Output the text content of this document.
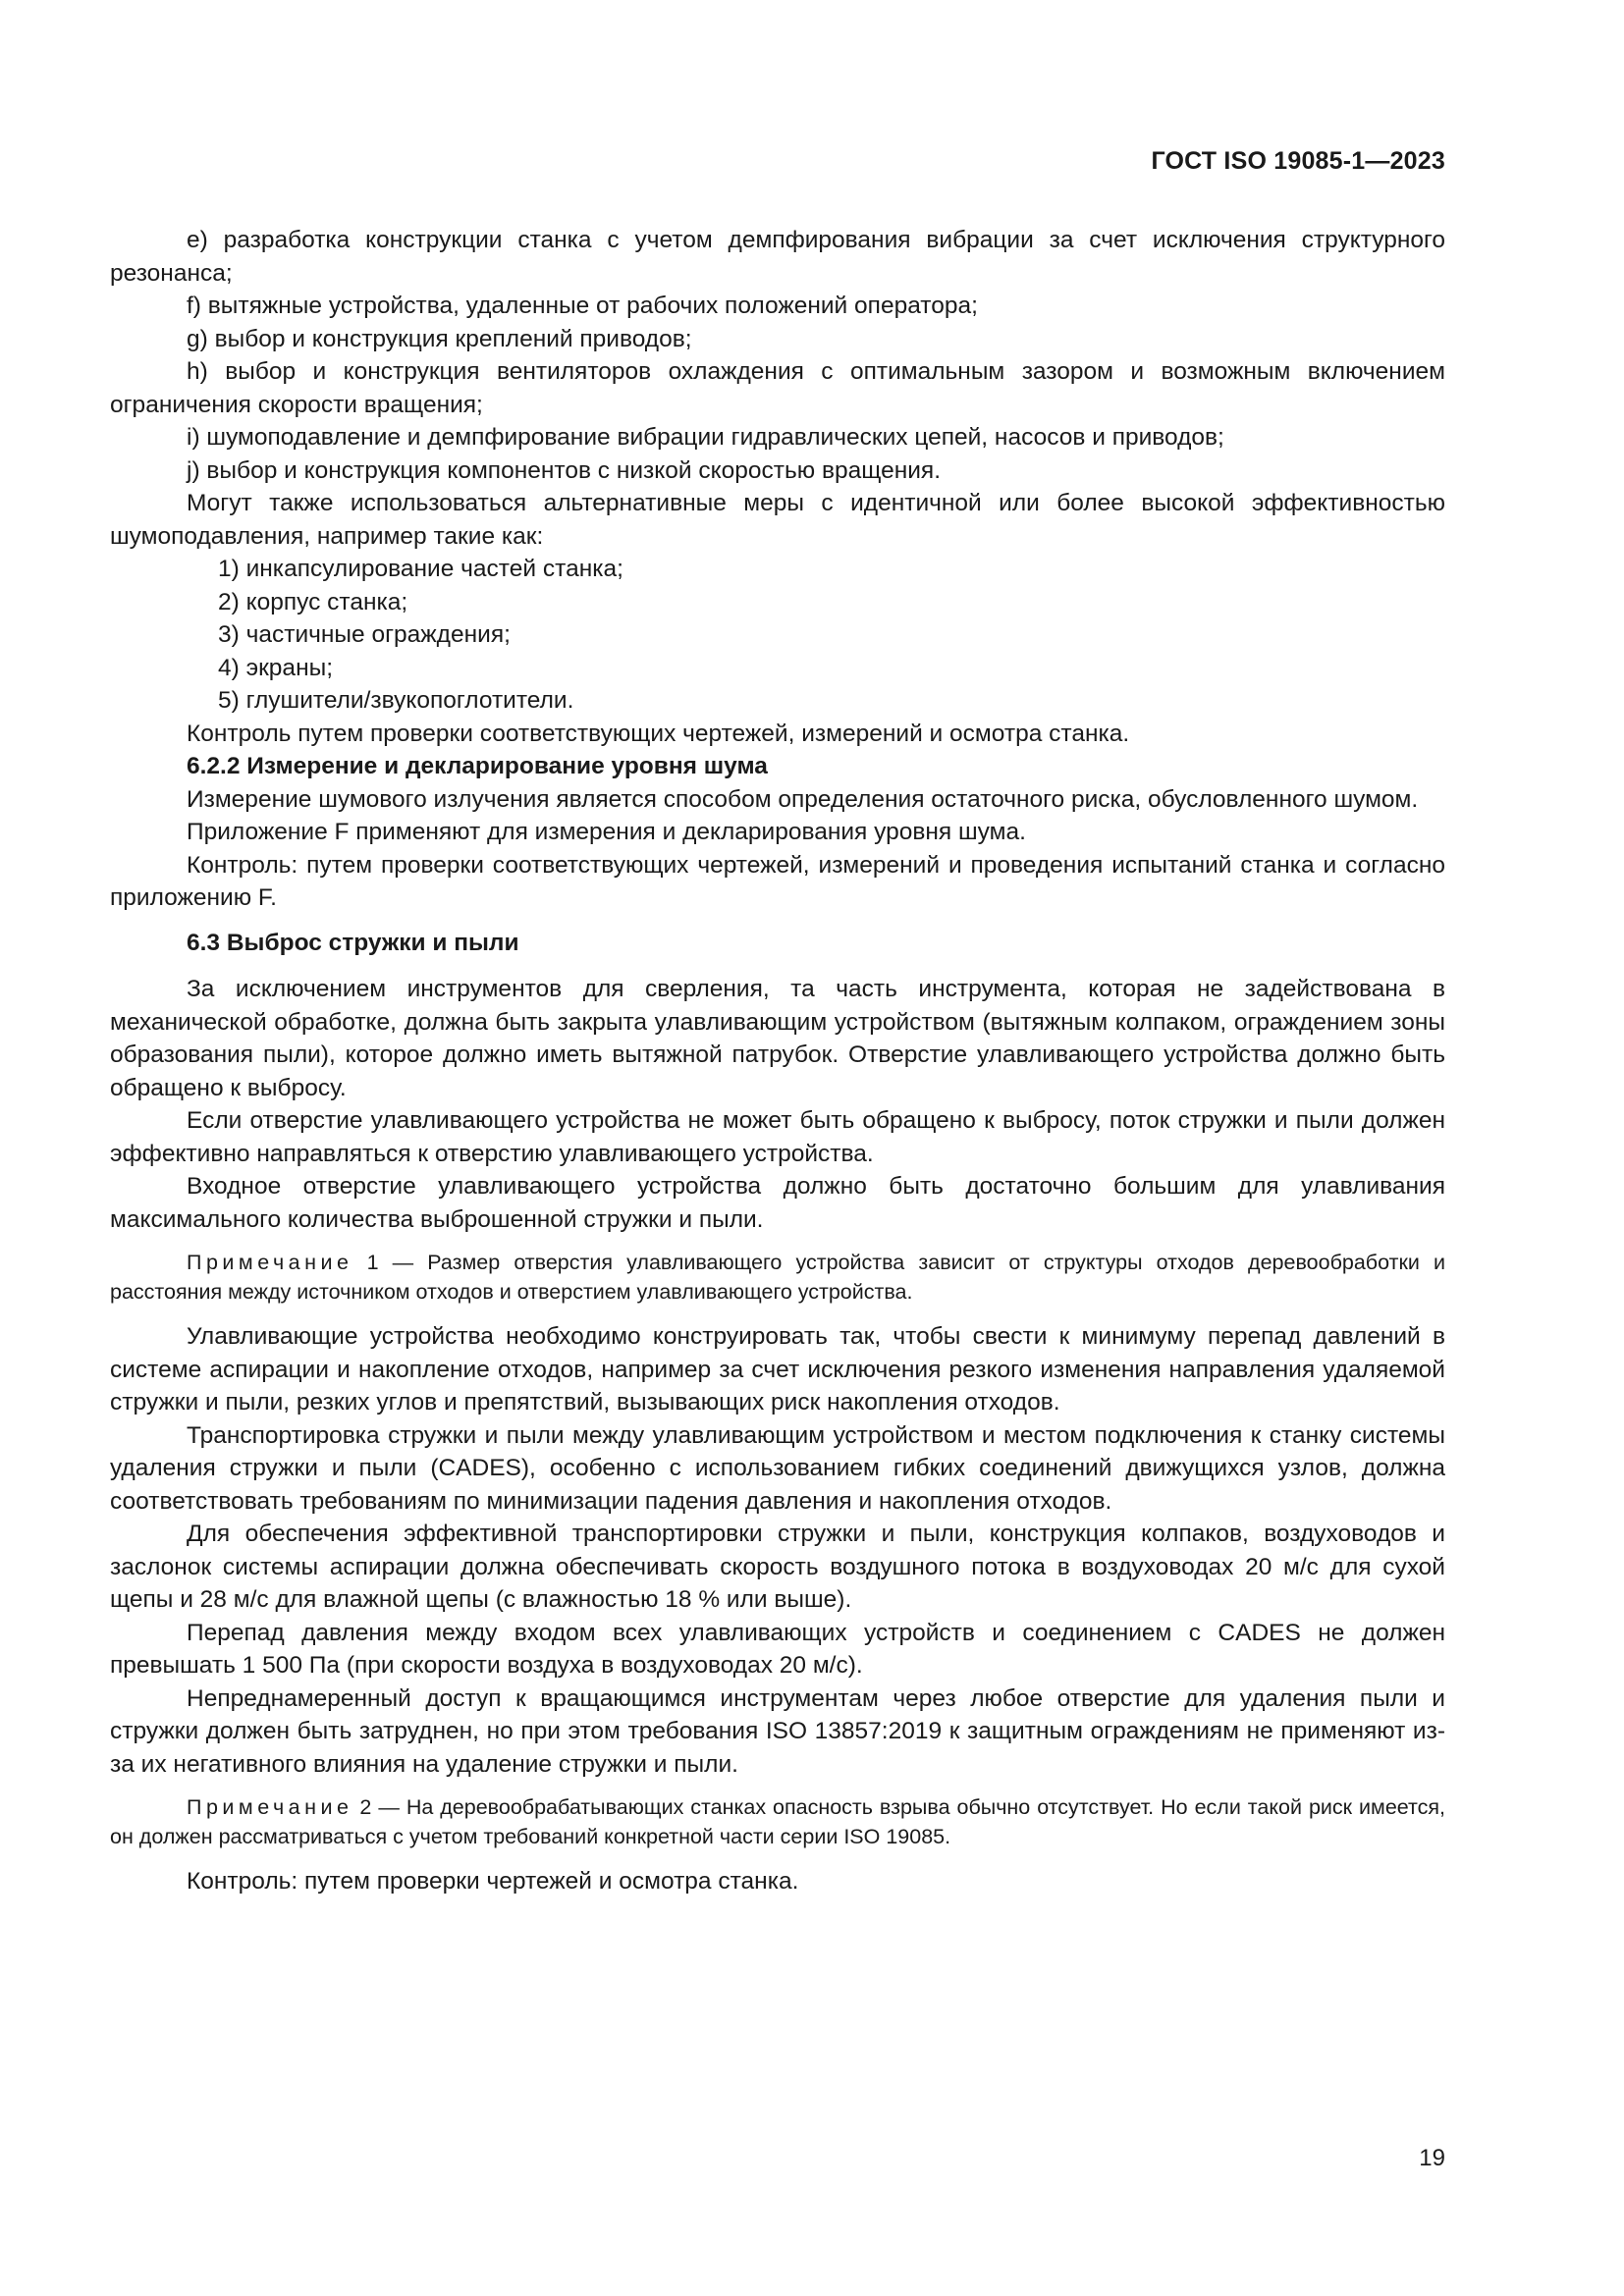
ГОСТ ISO 19085-1—2023

e) разработка конструкции станка с учетом демпфирования вибрации за счет исключения структурного резонанса;

f) вытяжные устройства, удаленные от рабочих положений оператора;

g) выбор и конструкция креплений приводов;

h) выбор и конструкция вентиляторов охлаждения с оптимальным зазором и возможным включением ограничения скорости вращения;

i) шумоподавление и демпфирование вибрации гидравлических цепей, насосов и приводов;

j) выбор и конструкция компонентов с низкой скоростью вращения.

Могут также использоваться альтернативные меры с идентичной или более высокой эффективностью шумоподавления, например такие как:

1) инкапсулирование частей станка;

2) корпус станка;

3) частичные ограждения;

4) экраны;

5) глушители/звукопоглотители.

Контроль путем проверки соответствующих чертежей, измерений и осмотра станка.

6.2.2 Измерение и декларирование уровня шума

Измерение шумового излучения является способом определения остаточного риска, обусловленного шумом.

Приложение F применяют для измерения и декларирования уровня шума.

Контроль: путем проверки соответствующих чертежей, измерений и проведения испытаний станка и согласно приложению F.

6.3 Выброс стружки и пыли

За исключением инструментов для сверления, та часть инструмента, которая не задействована в механической обработке, должна быть закрыта улавливающим устройством (вытяжным колпаком, ограждением зоны образования пыли), которое должно иметь вытяжной патрубок. Отверстие улавливающего устройства должно быть обращено к выбросу.

Если отверстие улавливающего устройства не может быть обращено к выбросу, поток стружки и пыли должен эффективно направляться к отверстию улавливающего устройства.

Входное отверстие улавливающего устройства должно быть достаточно большим для улавливания максимального количества выброшенной стружки и пыли.

Примечание 1 — Размер отверстия улавливающего устройства зависит от структуры отходов деревообработки и расстояния между источником отходов и отверстием улавливающего устройства.

Улавливающие устройства необходимо конструировать так, чтобы свести к минимуму перепад давлений в системе аспирации и накопление отходов, например за счет исключения резкого изменения направления удаляемой стружки и пыли, резких углов и препятствий, вызывающих риск накопления отходов.

Транспортировка стружки и пыли между улавливающим устройством и местом подключения к станку системы удаления стружки и пыли (CADES), особенно с использованием гибких соединений движущихся узлов, должна соответствовать требованиям по минимизации падения давления и накопления отходов.

Для обеспечения эффективной транспортировки стружки и пыли, конструкция колпаков, воздуховодов и заслонок системы аспирации должна обеспечивать скорость воздушного потока в воздуховодах 20 м/с для сухой щепы и 28 м/с для влажной щепы (с влажностью 18 % или выше).

Перепад давления между входом всех улавливающих устройств и соединением с CADES не должен превышать 1 500 Па (при скорости воздуха в воздуховодах 20 м/с).

Непреднамеренный доступ к вращающимся инструментам через любое отверстие для удаления пыли и стружки должен быть затруднен, но при этом требования ISO 13857:2019 к защитным ограждениям не применяют из-за их негативного влияния на удаление стружки и пыли.

Примечание 2 — На деревообрабатывающих станках опасность взрыва обычно отсутствует. Но если такой риск имеется, он должен рассматриваться с учетом требований конкретной части серии ISO 19085.

Контроль: путем проверки чертежей и осмотра станка.

19
